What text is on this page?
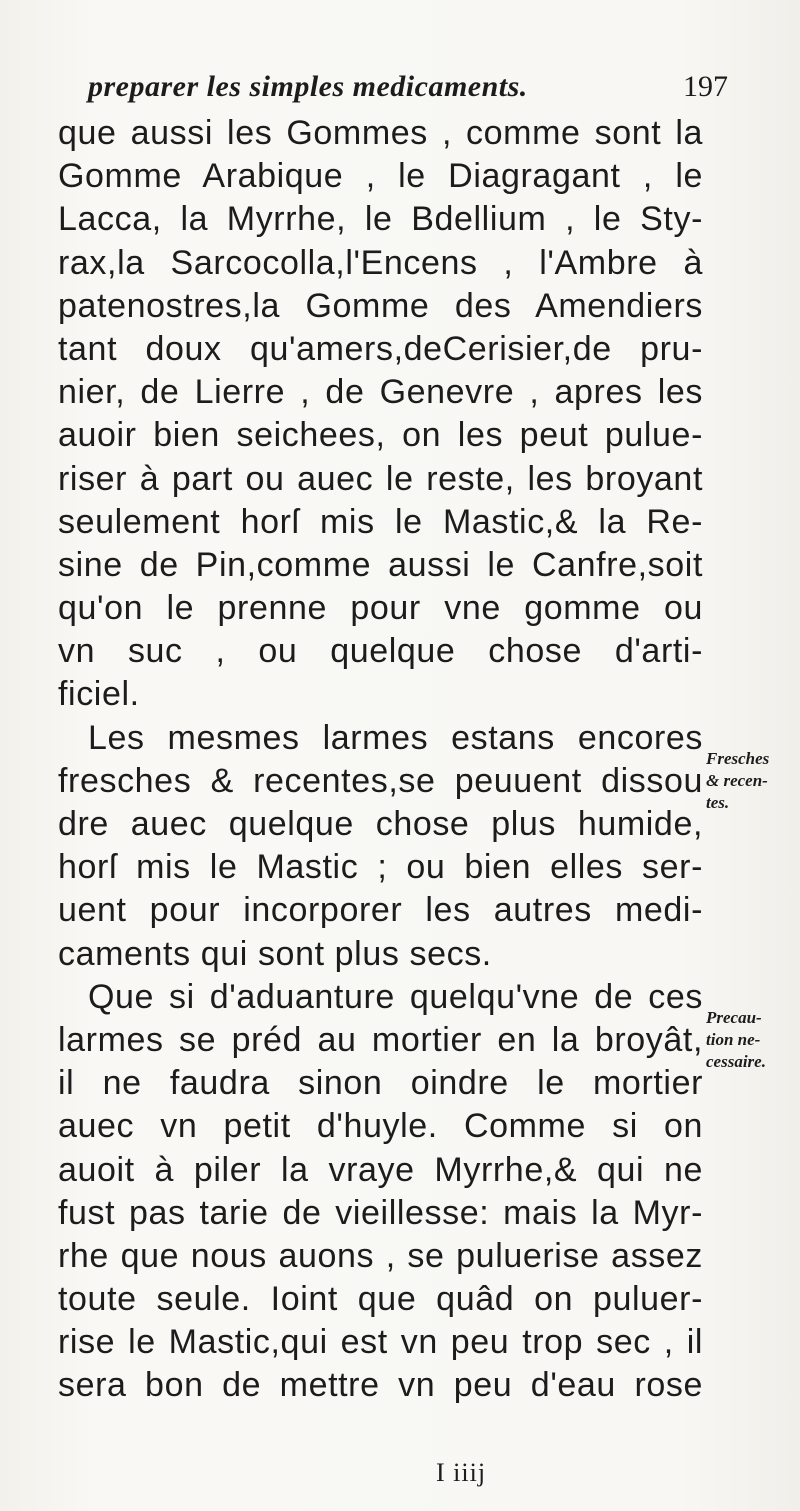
preparer les simples medicaments.	197
que aussi les Gommes , comme sont la
Gomme Arabique , le Diagragant , le
Lacca, la Myrrhe, le Bdellium , le Sty-
rax,la Sarcocolla,l'Encens , l'Ambre à
patenostres,la Gomme des Amendiers
tant doux qu'amers,deCerisier,de pru-
nier, de Lierre , de Genevre , apres les
auoir bien seichees, on les peut pulue-
riser à part ou auec le reste, les broyant
seulement horſ mis le Mastic,& la Re-
sine de Pin,comme aussi le Canfre,soit
qu'on le prenne pour vne gomme ou
vn suc , ou quelque chose d'arti-
ficiel.
Les mesmes larmes estans encores
fresches & recentes,se peuuent dissou
dre auec quelque chose plus humide,
horſ mis le Mastic ; ou bien elles ser-
uent pour incorporer les autres medi-
caments qui sont plus secs.
Que si d'aduanture quelqu'vne de ces
larmes se préd au mortier en la broyât,
il ne faudra sinon oindre le mortier
auec vn petit d'huyle. Comme si on
auoit à piler la vraye Myrrhe,& qui ne
fust pas tarie de vieillesse: mais la Myr-
rhe que nous auons , se puluerise assez
toute seule. Ioint que quâd on puluer-
rise le Mastic,qui est vn peu trop sec , il
sera bon de mettre vn peu d'eau rose
Fresches
& recen-
tes.
Precau-
tion ne-
cessaire.
I iiij
